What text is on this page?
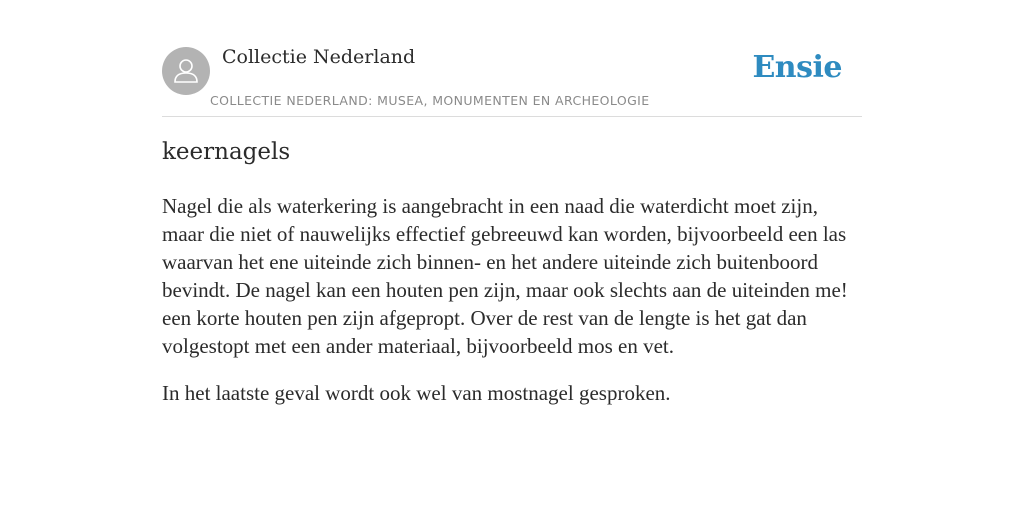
Collectie Nederland
COLLECTIE NEDERLAND: MUSEA, MONUMENTEN EN ARCHEOLOGIE
Ensie
keernagels

Nagel die als waterkering is aangebracht in een naad die waterdicht moet zijn, maar die niet of nauwelijks effectief gebreeuwd kan worden, bijvoorbeeld een las waarvan het ene uiteinde zich binnen- en het andere uiteinde zich buitenboord bevindt. De nagel kan een houten pen zijn, maar ook slechts aan de uiteinden me! een korte houten pen zijn afgepropt. Over de rest van de lengte is het gat dan volgestopt met een ander materiaal, bijvoorbeeld mos en vet.

In het laatste geval wordt ook wel van mostnagel gesproken.
